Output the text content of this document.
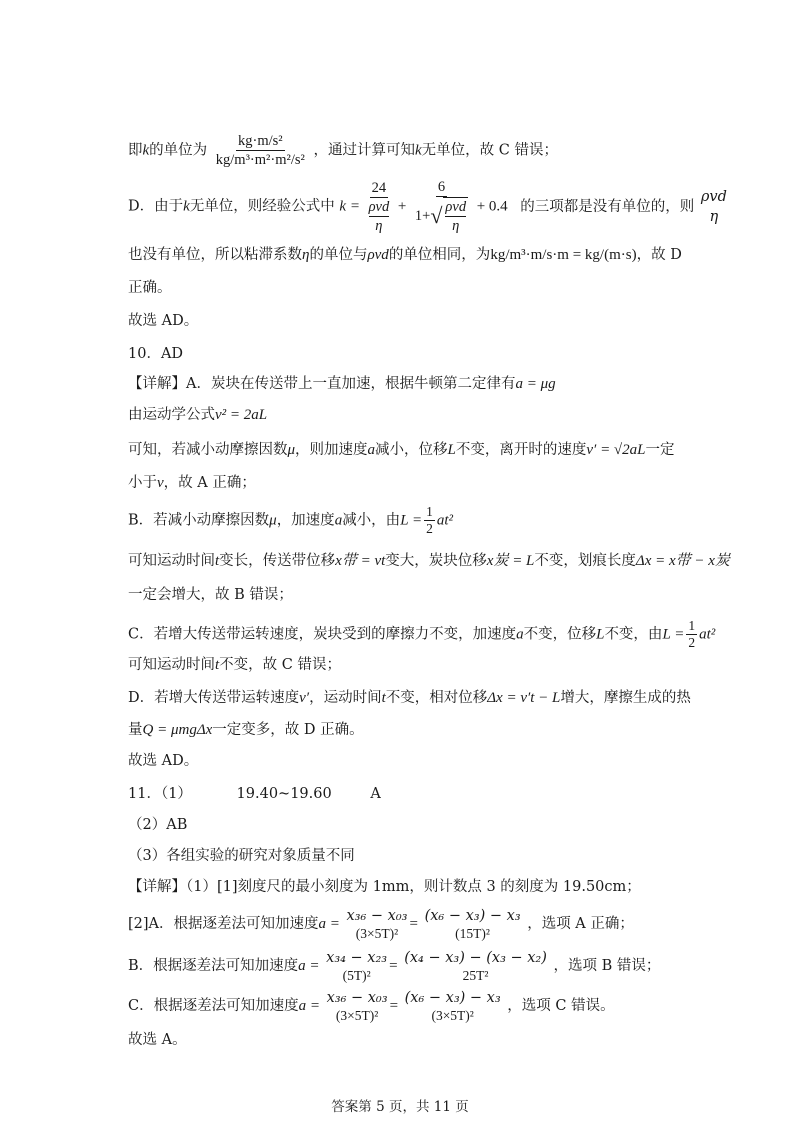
即k的单位为 $\frac{\text{kg·m/s²}}{\text{kg/m³·m²·m²/s²}}$ ，通过计算可知k无单位，故 C 错误；
D．由于k无单位，则经验公式中 k = 24
ρvd
η + 6
1+ √ ρvd
η + 0.4 的三项都是没有单位的，则
ρvd
η
也没有单位，所以粘滞系数η的单位与ρvd的单位相同，为kg/m³·m/s·m = kg/(m·s)，故 D
正确。
故选 AD。
10．AD
【详解】A．炭块在传送带上一直加速，根据牛顿第二定律有a = μg
由运动学公式v² = 2aL
可知，若减小动摩擦因数μ，则加速度a减小，位移L不变，离开时的速度v′ = √2aL一定
小于v，故 A 正确；
B．若减小动摩擦因数μ，加速度a减小，由$L = \frac{1}{2} at^2$
可知运动时间t变长，传送带位移x带 = vt变大，炭块位移x炭 = L不变，划痕长度Δx = x带 − x炭
一定会增大，故 B 错误；
C．若增大传送带运转速度，炭块受到的摩擦力不变，加速度a不变，位移L不变，由$L = \frac{1}{2} at^2$
可知运动时间t不变，故 C 错误；
D．若增大传送带运转速度v′，运动时间t不变，相对位移Δx = v′t − L增大，摩擦生成的热
量Q = μmgΔx一定变多，故 D 正确。
故选 AD。
11．（1）	19.40~19.60	A
（2）AB
（3）各组实验的研究对象质量不同
【详解】（1）[1]刻度尺的最小刻度为 1mm，则计数点 3 的刻度为 19.50cm；
[2]A．根据逐差法可知加速度a = x₃₆ − x₀₃
(3×5T)²
= (x₆ − x₃) − x₃
(15T)²
，选项 A 正确；
B．根据逐差法可知加速度a = x₃₄ − x₂₃
(5T)²
= (x₄ − x₃) − (x₃ − x₂)
25T²
，选项 B 错误；
C．根据逐差法可知加速度a = x₃₆ − x₀₃
(3×5T)²
= (x₆ − x₃) − x₃
(3×5T)²
，选项 C 错误。
故选 A。
答案第 5 页，共 11 页
